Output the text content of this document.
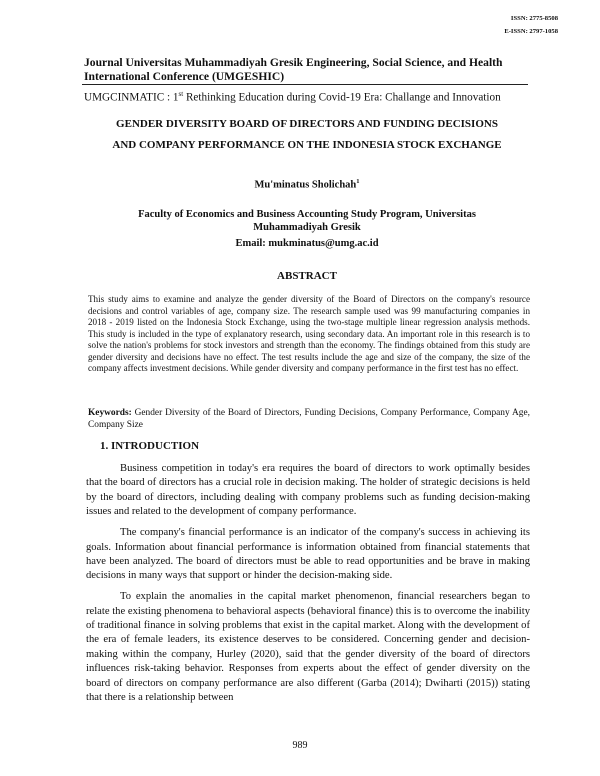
ISSN: 2775-8508
E-ISSN: 2797-1058
Journal Universitas Muhammadiyah Gresik Engineering, Social Science, and Health International Conference (UMGESHIC)
UMGCINMATIC : 1st Rethinking Education during Covid-19 Era: Challange and Innovation
GENDER DIVERSITY BOARD OF DIRECTORS AND FUNDING DECISIONS
AND COMPANY PERFORMANCE ON THE INDONESIA STOCK EXCHANGE
Mu'minatus Sholichah$^1$
Faculty of Economics and Business Accounting Study Program, Universitas Muhammadiyah Gresik
Email: mukminatus@umg.ac.id
ABSTRACT
This study aims to examine and analyze the gender diversity of the Board of Directors on the company's resource decisions and control variables of age, company size. The research sample used was 99 manufacturing companies in 2018 - 2019 listed on the Indonesia Stock Exchange, using the two-stage multiple linear regression analysis methods. This study is included in the type of explanatory research, using secondary data. An important role in this research is to solve the nation's problems for stock investors and strength than the economy. The findings obtained from this study are gender diversity and decisions have no effect. The test results include the age and size of the company, the size of the company affects investment decisions. While gender diversity and company performance in the first test has no effect.
Keywords: Gender Diversity of the Board of Directors, Funding Decisions, Company Performance, Company Age, Company Size
1. INTRODUCTION

Business competition in today's era requires the board of directors to work optimally besides that the board of directors has a crucial role in decision making. The holder of strategic decisions is held by the board of directors, including dealing with company problems such as funding decision-making issues and related to the development of company performance.

The company's financial performance is an indicator of the company's success in achieving its goals. Information about financial performance is information obtained from financial statements that have been analyzed. The board of directors must be able to read opportunities and be brave in making decisions in many ways that support or hinder the decision-making side.

To explain the anomalies in the capital market phenomenon, financial researchers began to relate the existing phenomena to behavioral aspects (behavioral finance) this is to overcome the inability of traditional finance in solving problems that exist in the capital market. Along with the development of the era of female leaders, its existence deserves to be considered. Concerning gender and decision-making within the company, Hurley (2020), said that the gender diversity of the board of directors influences risk-taking behavior. Responses from experts about the effect of gender diversity on the board of directors on company performance are also different (Garba (2014); Dwiharti (2015)) stating that there is a relationship between

989
